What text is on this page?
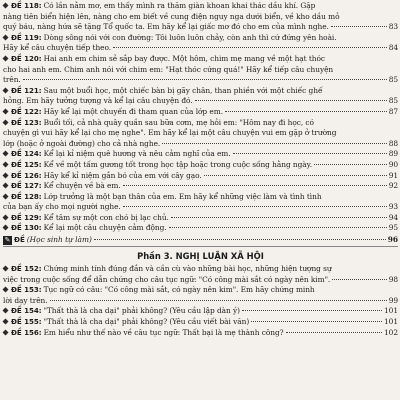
ĐỀ 118: Có lần nằm mơ, em thấy mình ra thăm giàn khoan khai thác dầu khí. Gặp
nàng tiên biển hiện lên, nàng cho em biết về cung điện nguy nga dưới biển, về kho dầu mỏ
quý báu, nàng hứa sẽ tặng Tổ quốc ta. Em hãy kể lại giấc mơ đó cho em của mình nghe.	83
ĐỀ 119: Dòng sông nói với con đường: Tôi luôn luôn chảy, còn anh thì cứ đứng yên hoài.
Hãy kể câu chuyện tiếp theo.	84
ĐỀ 120: Hai anh em chim sẻ sắp bay được. Một hôm, chim mẹ mang về một hạt thóc
cho hai anh em. Chim anh nói với chim em: "Hạt thóc cứng quá!" Hãy kể tiếp câu chuyện
trên.	85
ĐỀ 121: Sau một buổi học, một chiếc bàn bị gãy chân, than phiền với một chiếc ghế
hỏng. Em hãy tưởng tượng và kể lại câu chuyện đó.	85
ĐỀ 122: Hãy kể lại một chuyến đi tham quan của lớp em.	87
ĐỀ 123: Buổi tối, cả nhà quây quần sau bữa cơm, mẹ hỏi em: "Hôm nay đi học, có
chuyện gì vui hãy kể lại cho mẹ nghe". Em hãy kể lại một câu chuyện vui em gặp ở trường
lớp (hoặc ở ngoài đường) cho cả nhà nghe.	88
ĐỀ 124: Kể lại kỉ niệm quê hương và nêu cảm nghĩ của em.	89
ĐỀ 125: Kể về một tấm gương tốt trong học tập hoặc trong cuộc sống hằng ngày.	90
ĐỀ 126: Hãy kể kỉ niệm gắn bó của em với cây gạo.	91
ĐỀ 127: Kể chuyện về bà em.	92
ĐỀ 128: Lớp trưởng là một bạn thân của em. Em hãy kể những việc làm và tình tình
của bạn ấy cho mọi người nghe.	93
ĐỀ 129: Kể tâm sự một con chó bị lạc chủ.	94
ĐỀ 130: Kể lại một câu chuyện cảm động.	95
✎ ĐỀ (Học sinh tự làm)	96
Phần 3. NGHỊ LUẬN XÃ HỘI
ĐỀ 152: Chứng minh tính đúng đắn và cần cù vào những bài học, những hiện tượng sự
việc trong cuộc sống để dẫn chứng cho câu tục ngữ: "Có công mài sắt có ngày nên kim".	98
ĐỀ 153: Tục ngữ có câu: "Có công mài sắt, có ngày nên kim". Em hãy chứng minh
lời dạy trên.	99
ĐỀ 154: "Thất thà là cha dại" phải không? (Yêu cầu lập dàn ý)	101
ĐỀ 155: "Thất thà là cha dại" phải không? (Yêu cầu viết bài văn)	101
ĐỀ 156: Em hiểu như thế nào về câu tục ngữ: Thất bại là mẹ thành công?	102
